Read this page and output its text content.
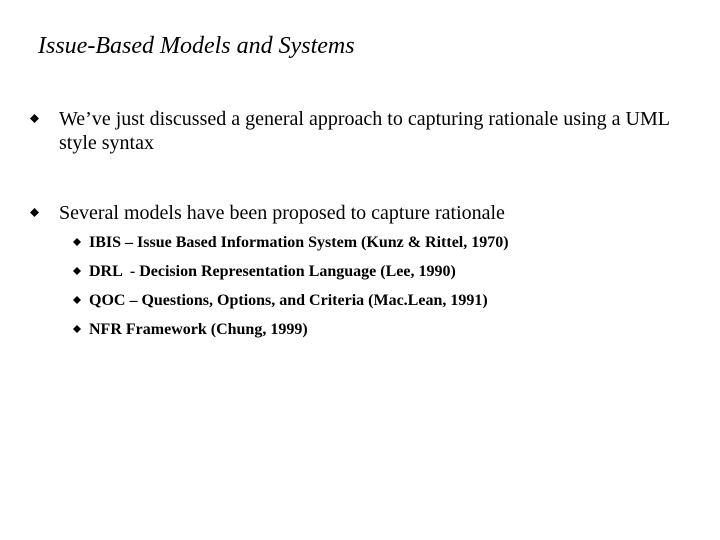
Issue-Based Models and Systems
We’ve just discussed a general approach to capturing rationale using a UML style syntax
Several models have been proposed to capture rationale
IBIS – Issue Based Information System (Kunz & Rittel, 1970)
DRL  - Decision Representation Language (Lee, 1990)
QOC – Questions, Options, and Criteria (Mac.Lean, 1991)
NFR Framework (Chung, 1999)
